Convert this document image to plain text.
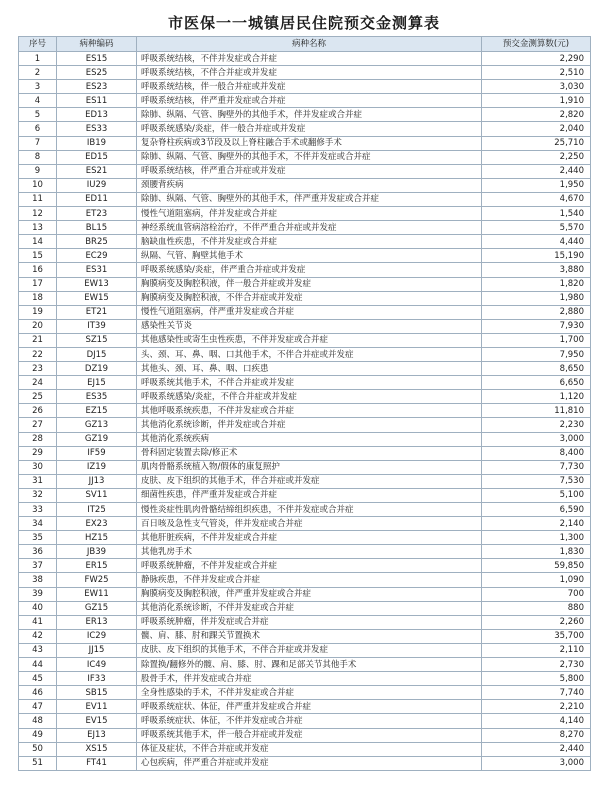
市医保一一城镇居民住院预交金测算表
序号	病种编码	病种名称	预交金测算数(元)
1	ES15	呼吸系统结核，不伴并发症或合并症	2,290
2	ES25	呼吸系统结核，不伴合并症或并发症	2,510
3	ES23	呼吸系统结核，伴一般合并症或并发症	3,030
4	ES11	呼吸系统结核，伴严重并发症或合并症	1,910
5	ED13	除肺、纵隔、气管、胸壁外的其他手术，伴并发症或合并症	2,820
6	ES33	呼吸系统感染/炎症，伴一般合并症或并发症	2,040
7	IB19	复杂脊柱疾病或3节段及以上脊柱融合手术或翻修手术	25,710
8	ED15	除肺、纵隔、气管、胸壁外的其他手术，不伴并发症或合并症	2,250
9	ES21	呼吸系统结核，伴严重合并症或并发症	2,440
10	IU29	颈腰背疾病	1,950
11	ED11	除肺、纵隔、气管、胸壁外的其他手术，伴严重并发症或合并症	4,670
12	ET23	慢性气道阻塞病，伴并发症或合并症	1,540
13	BL15	神经系统血管病溶栓治疗，不伴严重合并症或并发症	5,570
14	BR25	脑缺血性疾患，不伴并发症或合并症	4,440
15	EC29	纵隔、气管、胸壁其他手术	15,190
16	ES31	呼吸系统感染/炎症，伴严重合并症或并发症	3,880
17	EW13	胸膜病变及胸腔积液，伴一般合并症或并发症	1,820
18	EW15	胸膜病变及胸腔积液，不伴合并症或并发症	1,980
19	ET21	慢性气道阻塞病，伴严重并发症或合并症	2,880
20	IT39	感染性关节炎	7,930
21	SZ15	其他感染性或寄生虫性疾患，不伴并发症或合并症	1,700
22	DJ15	头、颈、耳、鼻、咽、口其他手术，不伴合并症或并发症	7,950
23	DZ19	其他头、颈、耳、鼻、咽、口疾患	8,650
24	EJ15	呼吸系统其他手术，不伴合并症或并发症	6,650
25	ES35	呼吸系统感染/炎症，不伴合并症或并发症	1,120
26	EZ15	其他呼吸系统疾患，不伴并发症或合并症	11,810
27	GZ13	其他消化系统诊断，伴并发症或合并症	2,230
28	GZ19	其他消化系统疾病	3,000
29	IF59	骨科固定装置去除/修正术	8,400
30	IZ19	肌肉骨骼系统植入物/假体的康复照护	7,730
31	JJ13	皮肤、皮下组织的其他手术，伴合并症或并发症	7,530
32	SV11	细菌性疾患，伴严重并发症或合并症	5,100
33	IT25	慢性炎症性肌肉骨骼结缔组织疾患，不伴并发症或合并症	6,590
34	EX23	百日咳及急性支气管炎，伴并发症或合并症	2,140
35	HZ15	其他肝脏疾病，不伴并发症或合并症	1,300
36	JB39	其他乳房手术	1,830
37	ER15	呼吸系统肿瘤，不伴并发症或合并症	59,850
38	FW25	静脉疾患，不伴并发症或合并症	1,090
39	EW11	胸膜病变及胸腔积液，伴严重并发症或合并症	700
40	GZ15	其他消化系统诊断，不伴并发症或合并症	880
41	ER13	呼吸系统肿瘤，伴并发症或合并症	2,260
42	IC29	髋、肩、膝、肘和踝关节置换术	35,700
43	JJ15	皮肤、皮下组织的其他手术，不伴合并症或并发症	2,110
44	IC49	除置换/翻修外的髋、肩、膝、肘、踝和足部关节其他手术	2,730
45	IF33	股骨手术，伴并发症或合并症	5,800
46	SB15	全身性感染的手术，不伴并发症或合并症	7,740
47	EV11	呼吸系统症状、体征，伴严重并发症或合并症	2,210
48	EV15	呼吸系统症状、体征，不伴并发症或合并症	4,140
49	EJ13	呼吸系统其他手术，伴一般合并症或并发症	8,270
50	XS15	体征及症状，不伴合并症或并发症	2,440
51	FT41	心包疾病，伴严重合并症或并发症	3,000
